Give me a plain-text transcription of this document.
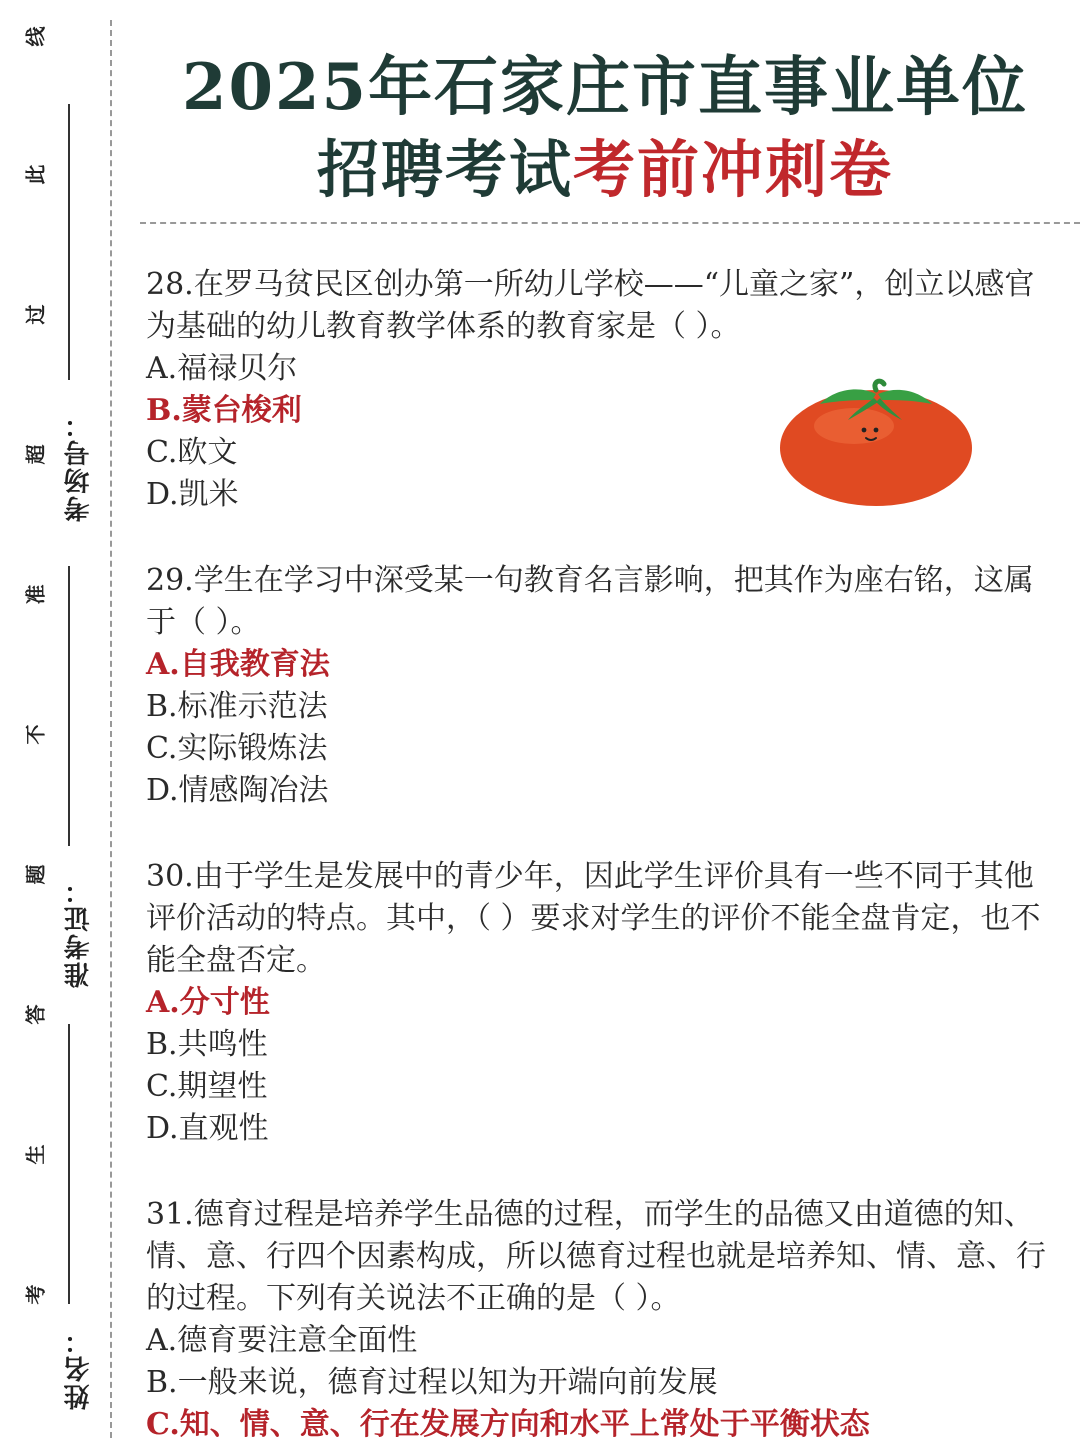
线
此
过
超
准
不
题
答
生
考
考场号：
准考证：
姓名：
2025年石家庄市直事业单位
招聘考试考前冲刺卷
28.在罗马贫民区创办第一所幼儿学校——“儿童之家”，创立以感官为基础的幼儿教育教学体系的教育家是（ ）。
A.福禄贝尔
B.蒙台梭利
C.欧文
D.凯米
29.学生在学习中深受某一句教育名言影响，把其作为座右铭，这属于（ ）。
A.自我教育法
B.标准示范法
C.实际锻炼法
D.情感陶冶法
30.由于学生是发展中的青少年，因此学生评价具有一些不同于其他评价活动的特点。其中，（ ）要求对学生的评价不能全盘肯定，也不能全盘否定。
A.分寸性
B.共鸣性
C.期望性
D.直观性
31.德育过程是培养学生品德的过程，而学生的品德又由道德的知、情、意、行四个因素构成，所以德育过程也就是培养知、情、意、行的过程。下列有关说法不正确的是（ ）。
A.德育要注意全面性
B.一般来说，德育过程以知为开端向前发展
C.知、情、意、行在发展方向和水平上常处于平衡状态
